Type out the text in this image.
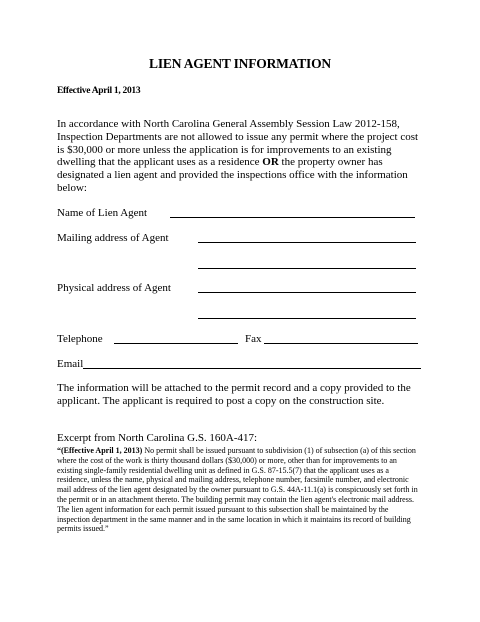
LIEN AGENT INFORMATION
Effective April 1, 2013
In accordance with North Carolina General Assembly Session Law 2012-158, Inspection Departments are not allowed to issue any permit where the project cost is $30,000 or more unless the application is for improvements to an existing dwelling that the applicant uses as a residence OR the property owner has designated a lien agent and provided the inspections office with the information below:
Name of Lien Agent
Mailing address of Agent
Physical address of Agent
Telephone	Fax
Email
The information will be attached to the permit record and a copy provided to the applicant. The applicant is required to post a copy on the construction site.
Excerpt from North Carolina G.S. 160A-417:
“(Effective April 1, 2013) No permit shall be issued pursuant to subdivision (1) of subsection (a) of this section where the cost of the work is thirty thousand dollars ($30,000) or more, other than for improvements to an existing single-family residential dwelling unit as defined in G.S. 87-15.5(7) that the applicant uses as a residence, unless the name, physical and mailing address, telephone number, facsimile number, and electronic mail address of the lien agent designated by the owner pursuant to G.S. 44A-11.1(a) is conspicuously set forth in the permit or in an attachment thereto. The building permit may contain the lien agent's electronic mail address. The lien agent information for each permit issued pursuant to this subsection shall be maintained by the inspection department in the same manner and in the same location in which it maintains its record of building permits issued.”
